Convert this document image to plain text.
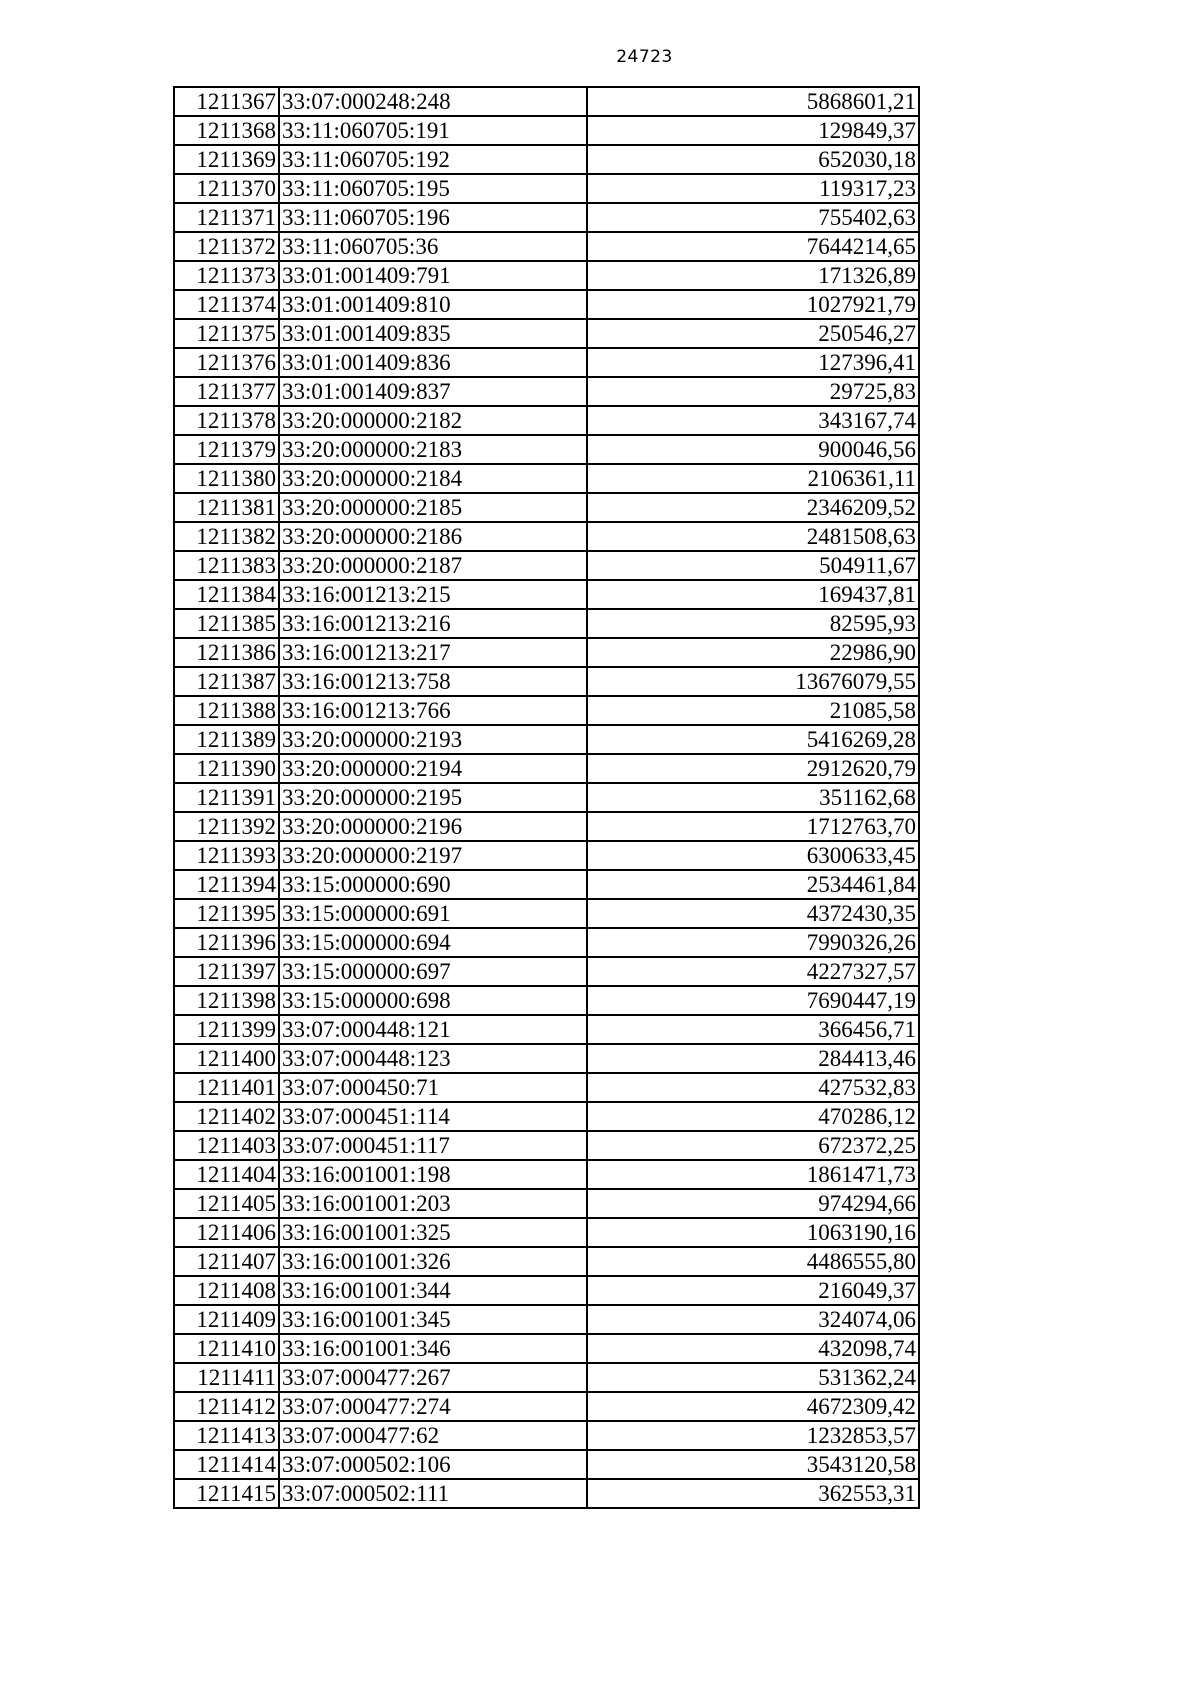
24723
1211367	33:07:000248:248	5868601,21
1211368	33:11:060705:191	129849,37
1211369	33:11:060705:192	652030,18
1211370	33:11:060705:195	119317,23
1211371	33:11:060705:196	755402,63
1211372	33:11:060705:36	7644214,65
1211373	33:01:001409:791	171326,89
1211374	33:01:001409:810	1027921,79
1211375	33:01:001409:835	250546,27
1211376	33:01:001409:836	127396,41
1211377	33:01:001409:837	29725,83
1211378	33:20:000000:2182	343167,74
1211379	33:20:000000:2183	900046,56
1211380	33:20:000000:2184	2106361,11
1211381	33:20:000000:2185	2346209,52
1211382	33:20:000000:2186	2481508,63
1211383	33:20:000000:2187	504911,67
1211384	33:16:001213:215	169437,81
1211385	33:16:001213:216	82595,93
1211386	33:16:001213:217	22986,90
1211387	33:16:001213:758	13676079,55
1211388	33:16:001213:766	21085,58
1211389	33:20:000000:2193	5416269,28
1211390	33:20:000000:2194	2912620,79
1211391	33:20:000000:2195	351162,68
1211392	33:20:000000:2196	1712763,70
1211393	33:20:000000:2197	6300633,45
1211394	33:15:000000:690	2534461,84
1211395	33:15:000000:691	4372430,35
1211396	33:15:000000:694	7990326,26
1211397	33:15:000000:697	4227327,57
1211398	33:15:000000:698	7690447,19
1211399	33:07:000448:121	366456,71
1211400	33:07:000448:123	284413,46
1211401	33:07:000450:71	427532,83
1211402	33:07:000451:114	470286,12
1211403	33:07:000451:117	672372,25
1211404	33:16:001001:198	1861471,73
1211405	33:16:001001:203	974294,66
1211406	33:16:001001:325	1063190,16
1211407	33:16:001001:326	4486555,80
1211408	33:16:001001:344	216049,37
1211409	33:16:001001:345	324074,06
1211410	33:16:001001:346	432098,74
1211411	33:07:000477:267	531362,24
1211412	33:07:000477:274	4672309,42
1211413	33:07:000477:62	1232853,57
1211414	33:07:000502:106	3543120,58
1211415	33:07:000502:111	362553,31
